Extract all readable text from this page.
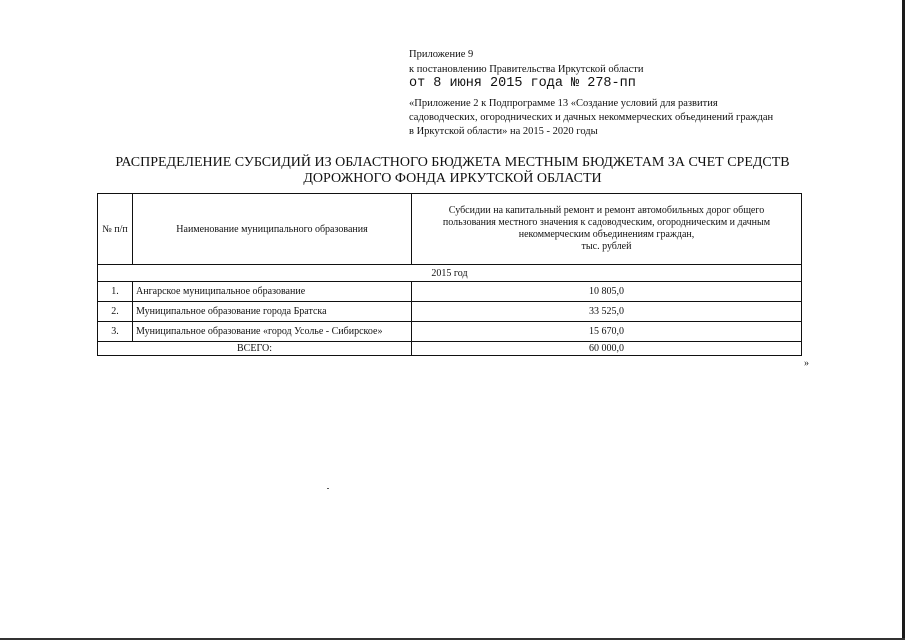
Приложение 9
к постановлению Правительства Иркутской области
от 8 июня 2015 года № 278-пп
«Приложение 2 к Подпрограмме 13 «Создание условий для развития
садоводческих, огороднических и дачных некоммерческих объединений граждан
в Иркутской области» на 2015 - 2020 годы
РАСПРЕДЕЛЕНИЕ СУБСИДИЙ ИЗ ОБЛАСТНОГО БЮДЖЕТА МЕСТНЫМ БЮДЖЕТАМ ЗА СЧЕТ СРЕДСТВ
ДОРОЖНОГО ФОНДА ИРКУТСКОЙ ОБЛАСТИ
№ п/п	Наименование муниципального образования	Субсидии на капитальный ремонт и ремонт автомобильных дорог общего
пользования местного значения к садоводческим, огородническим и дачным
некоммерческим объединениям граждан,
тыс. рублей

2015 год		
1.	Ангарское муниципальное образование	10 805,0
2.	Муниципальное образование города Братска	33 525,0
3.	Муниципальное образование «город Усолье - Сибирское»	15 670,0
ВСЕГО:		60 000,0
»
